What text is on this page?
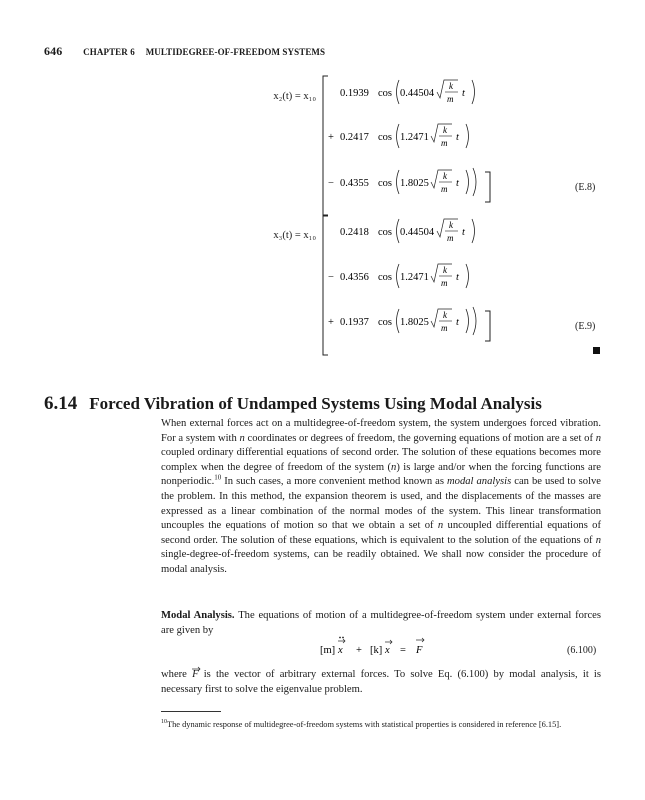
646 CHAPTER 6 MULTIDEGREE-OF-FREEDOM SYSTEMS
x₂(t) = x₁₀ 0.1939 cos 0.44504
k
m t
+ 0.2417 cos 1.2471
k
m t
− 0.4355 cos 1.8025
k
m t	(E.8)
x₃(t) = x₁₀ 0.2418 cos 0.44504
k
m t
− 0.4356 cos 1.2471
k
m t
+ 0.1937 cos 1.8025
k
m t	(E.9)
6.14 Forced Vibration of Undamped Systems Using Modal Analysis
When external forces act on a multidegree-of-freedom system, the system undergoes forced vibration. For a system with n coordinates or degrees of freedom, the governing equations of motion are a set of n coupled ordinary differential equations of second order. The solution of these equations becomes more complex when the degree of freedom of the system (n) is large and/or when the forcing functions are nonperiodic.$^{10}$ In such cases, a more convenient method known as modal analysis can be used to solve the problem. In this method, the expansion theorem is used, and the displacements of the masses are expressed as a linear combination of the normal modes of the system. This linear transformation uncouples the equations of motion so that we obtain a set of n uncoupled differential equations of second order. The solution of these equations, which is equivalent to the solution of the equations of n single-degree-of-freedom systems, can be readily obtained. We shall now consider the procedure of modal analysis.
Modal Analysis. The equations of motion of a multidegree-of-freedom system under external forces are given by
[m] x + [k] x = F	(6.100)
where F
is the vector of arbitrary external forces. To solve Eq. (6.100) by modal analysis, it is necessary first to solve the eigenvalue problem.
$^{10}$The dynamic response of multidegree-of-freedom systems with statistical properties is considered in reference [6.15].
